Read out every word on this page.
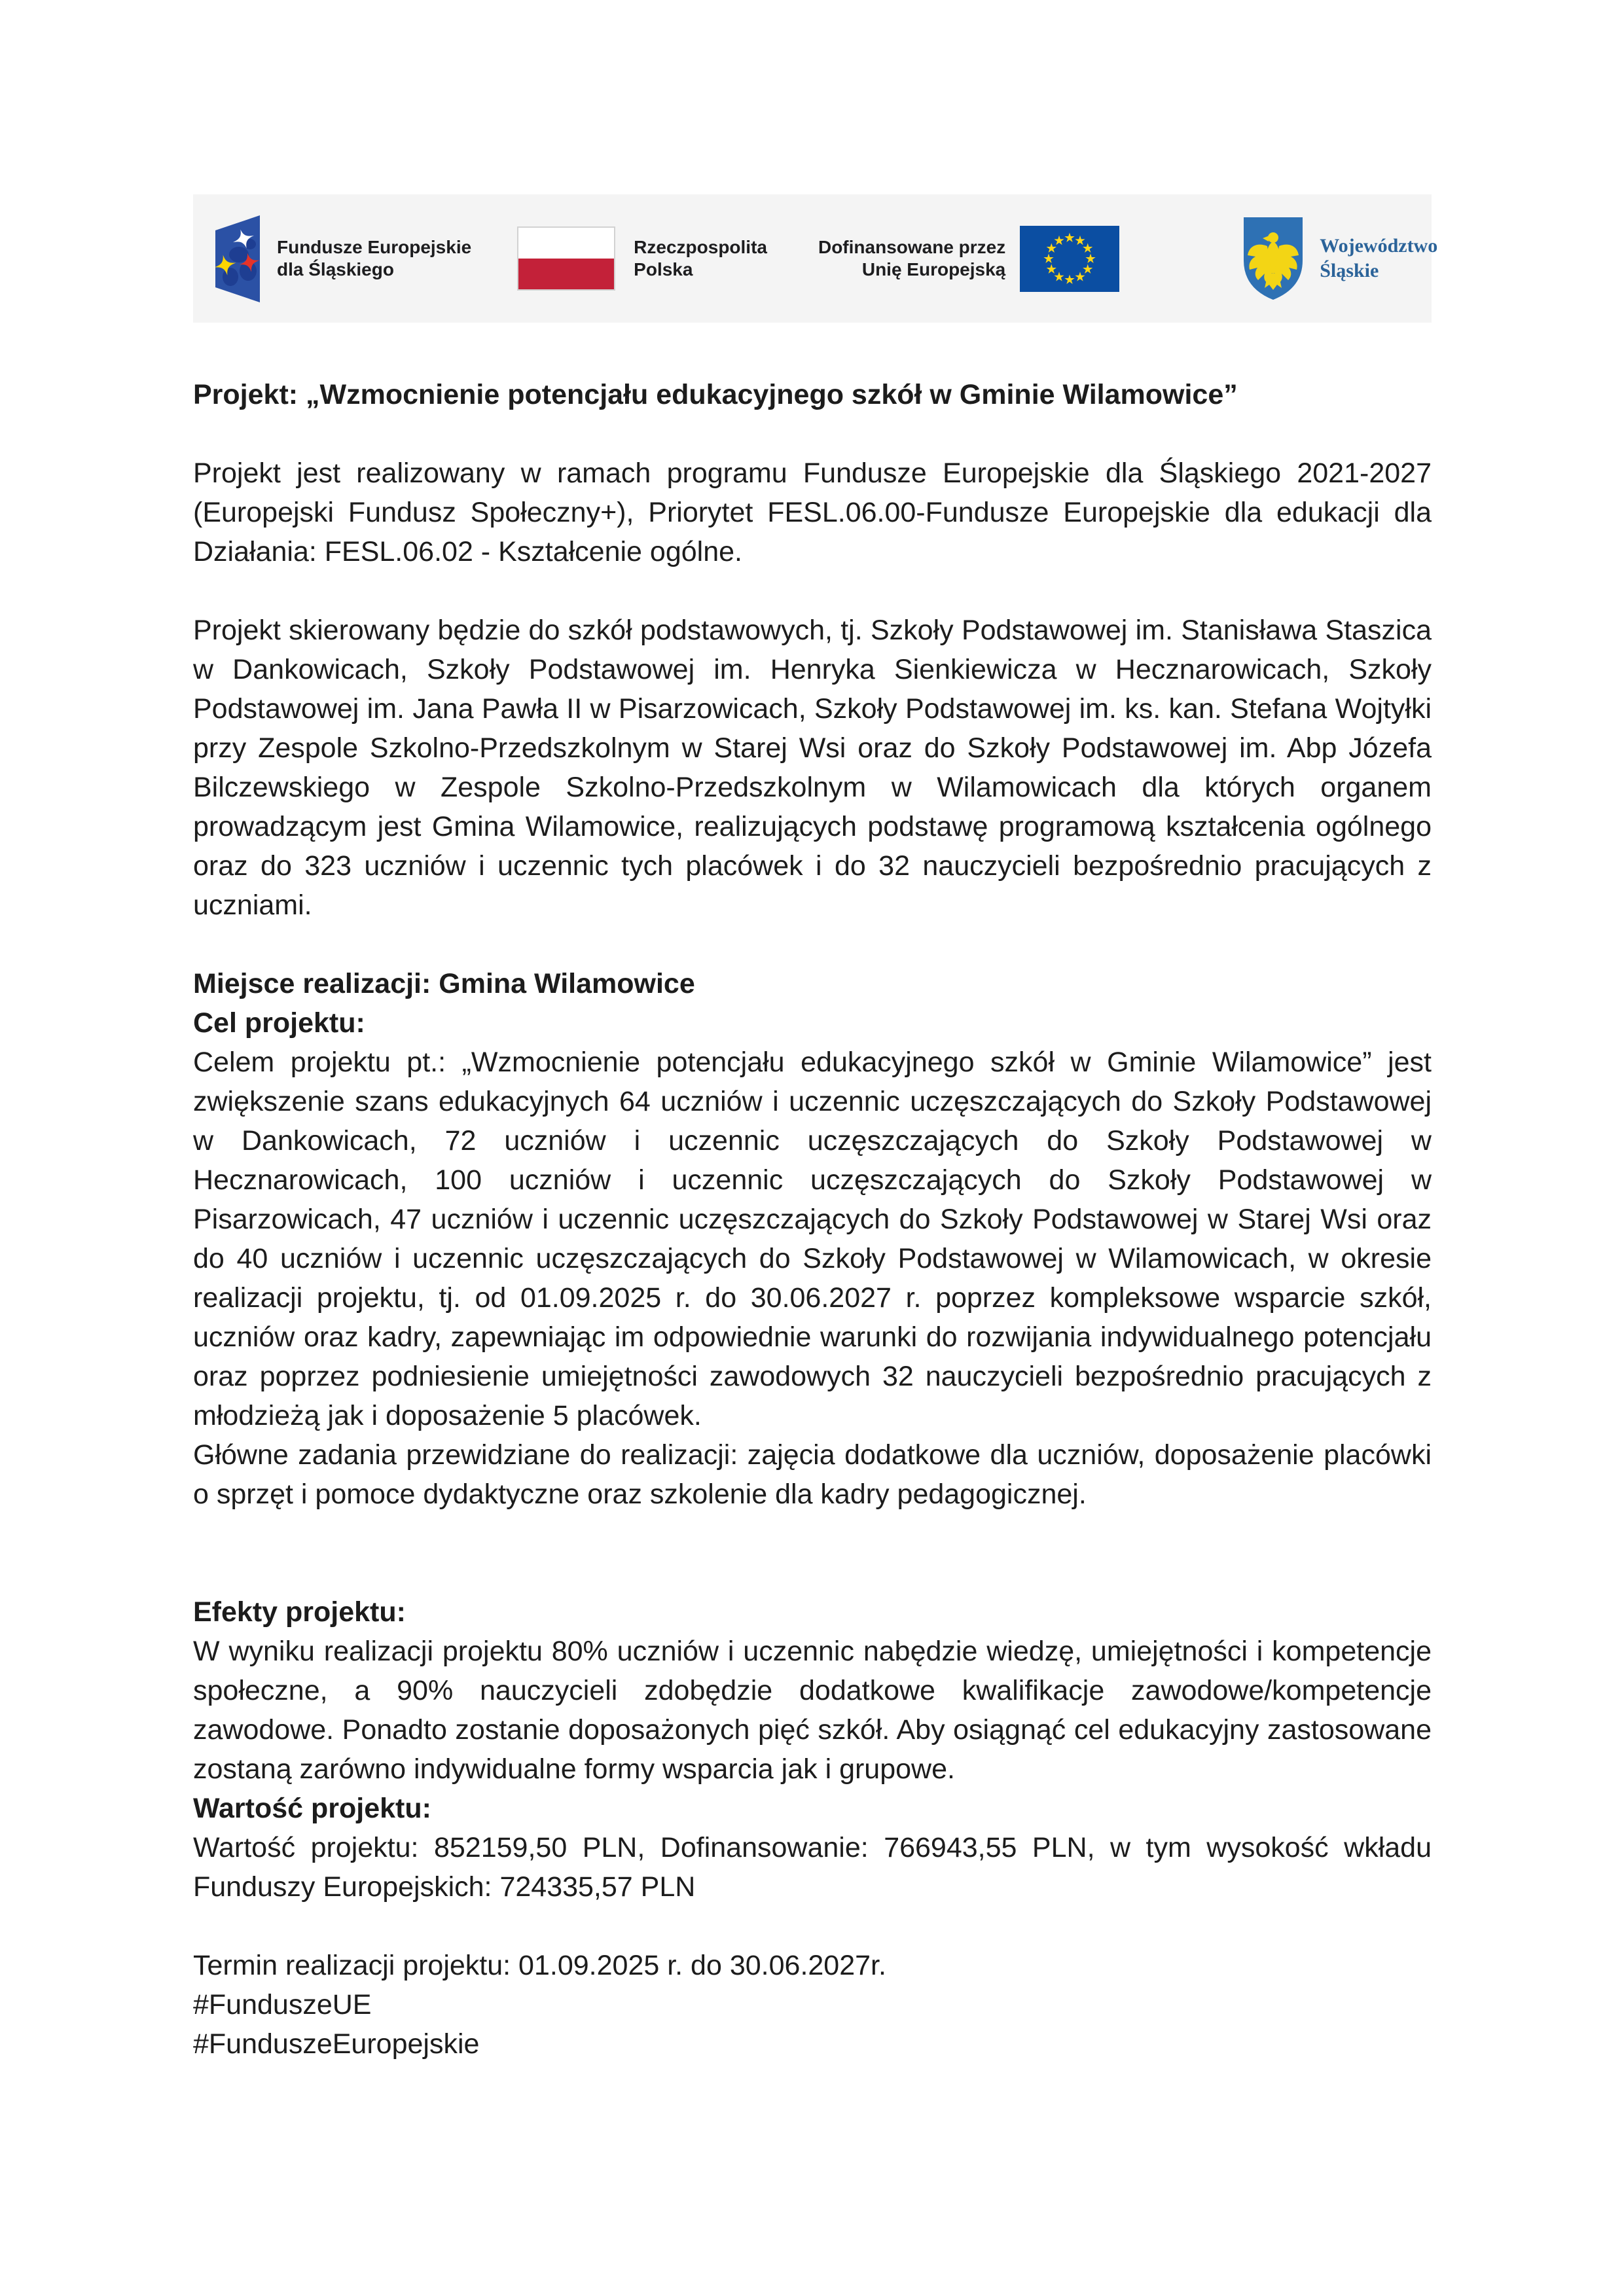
Fundusze Europejskie
dla Śląskiego
Rzeczpospolita
Polska
Dofinansowane przez
Unię Europejską
Województwo
Śląskie

Projekt: „Wzmocnienie potencjału edukacyjnego szkół w Gminie Wilamowice”

Projekt jest realizowany w ramach programu Fundusze Europejskie dla Śląskiego 2021-2027 (Europejski Fundusz Społeczny+), Priorytet FESL.06.00-Fundusze Europejskie dla edukacji dla Działania: FESL.06.02 - Kształcenie ogólne.

Projekt skierowany będzie do szkół podstawowych, tj. Szkoły Podstawowej im. Stanisława Staszica w Dankowicach, Szkoły Podstawowej im. Henryka Sienkiewicza w Hecznarowicach, Szkoły Podstawowej im. Jana Pawła II w Pisarzowicach, Szkoły Podstawowej im. ks. kan. Stefana Wojtyłki przy Zespole Szkolno-Przedszkolnym w Starej Wsi oraz do Szkoły Podstawowej im. Abp Józefa Bilczewskiego w Zespole Szkolno-Przedszkolnym w Wilamowicach dla których organem prowadzącym jest Gmina Wilamowice, realizujących podstawę programową kształcenia ogólnego oraz do 323 uczniów i uczennic tych placówek i do 32 nauczycieli bezpośrednio pracujących z uczniami.

Miejsce realizacji: Gmina Wilamowice

Cel projektu:

Celem projektu pt.: „Wzmocnienie potencjału edukacyjnego szkół w Gminie Wilamowice” jest zwiększenie szans edukacyjnych 64 uczniów i uczennic uczęszczających do Szkoły Podstawowej w Dankowicach, 72 uczniów i uczennic uczęszczających do Szkoły Podstawowej w Hecznarowicach, 100 uczniów i uczennic uczęszczających do Szkoły Podstawowej w Pisarzowicach, 47 uczniów i uczennic uczęszczających do Szkoły Podstawowej w Starej Wsi oraz do 40 uczniów i uczennic uczęszczających do Szkoły Podstawowej w Wilamowicach, w okresie realizacji projektu, tj. od 01.09.2025 r. do 30.06.2027 r. poprzez kompleksowe wsparcie szkół, uczniów oraz kadry, zapewniając im odpowiednie warunki do rozwijania indywidualnego potencjału oraz poprzez podniesienie umiejętności zawodowych 32 nauczycieli bezpośrednio pracujących z młodzieżą jak i doposażenie 5 placówek.

Główne zadania przewidziane do realizacji: zajęcia dodatkowe dla uczniów, doposażenie placówki o sprzęt i pomoce dydaktyczne oraz szkolenie dla kadry pedagogicznej.

Efekty projektu:

W wyniku realizacji projektu 80% uczniów i uczennic nabędzie wiedzę, umiejętności i kompetencje społeczne, a 90% nauczycieli zdobędzie dodatkowe kwalifikacje zawodowe/kompetencje zawodowe. Ponadto zostanie doposażonych pięć szkół. Aby osiągnąć cel edukacyjny zastosowane zostaną zarówno indywidualne formy wsparcia jak i grupowe.

Wartość projektu:

Wartość projektu: 852159,50 PLN, Dofinansowanie: 766943,55 PLN, w tym wysokość wkładu Funduszy Europejskich: 724335,57 PLN

Termin realizacji projektu: 01.09.2025 r. do 30.06.2027r.

#FunduszeUE

#FunduszeEuropejskie
